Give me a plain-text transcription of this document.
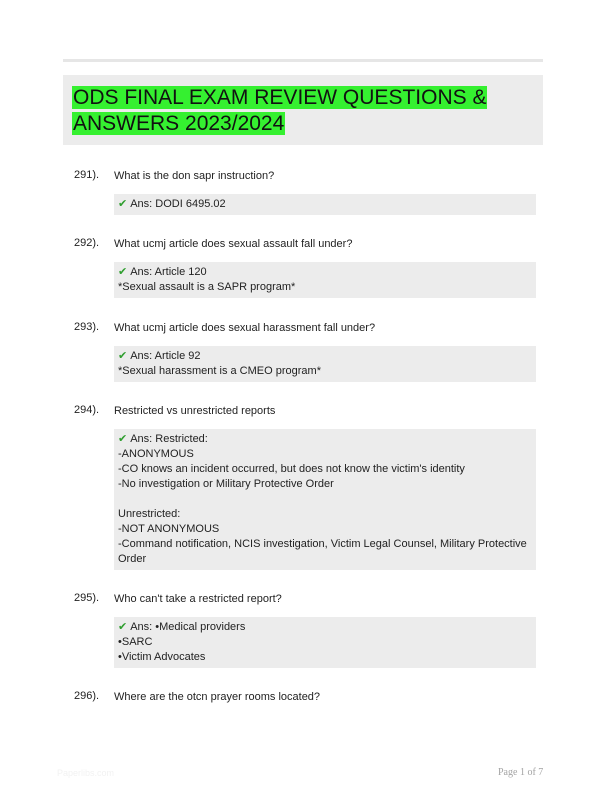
ODS FINAL EXAM REVIEW QUESTIONS & ANSWERS 2023/2024
291). What is the don sapr instruction?
✔ Ans: DODI 6495.02
292). What ucmj article does sexual assault fall under?
✔ Ans: Article 120
*Sexual assault is a SAPR program*
293). What ucmj article does sexual harassment fall under?
✔ Ans: Article 92
*Sexual harassment is a CMEO program*
294). Restricted vs unrestricted reports
✔ Ans: Restricted:
-ANONYMOUS
-CO knows an incident occurred, but does not know the victim's identity
-No investigation or Military Protective Order
Unrestricted:
-NOT ANONYMOUS
-Command notification, NCIS investigation, Victim Legal Counsel, Military Protective
Order
295). Who can't take a restricted report?
✔ Ans: •Medical providers
•SARC
•Victim Advocates
296). Where are the otcn prayer rooms located?
Paperlibs.com	Page 1 of 7
